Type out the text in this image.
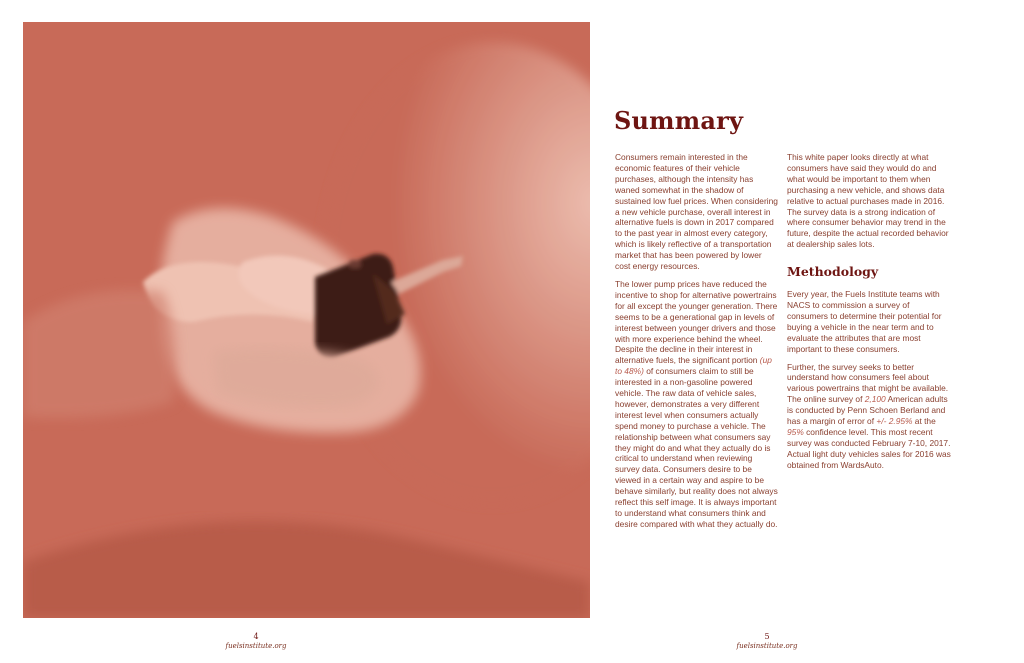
Summary

Consumers remain interested in the economic features of their vehicle purchases, although the intensity has waned somewhat in the shadow of sustained low fuel prices. When considering a new vehicle purchase, overall interest in alternative fuels is down in 2017 compared to the past year in almost every category, which is likely reflective of a transportation market that has been powered by lower cost energy resources.

The lower pump prices have reduced the incentive to shop for alternative powertrains for all except the younger generation. There seems to be a generational gap in levels of interest between younger drivers and those with more experience behind the wheel. Despite the decline in their interest in alternative fuels, the significant portion (up to 48%) of consumers claim to still be interested in a non-gasoline powered vehicle. The raw data of vehicle sales, however, demonstrates a very different interest level when consumers actually spend money to purchase a vehicle. The relationship between what consumers say they might do and what they actually do is critical to understand when reviewing survey data. Consumers desire to be viewed in a certain way and aspire to be behave similarly, but reality does not always reflect this self image. It is always important to understand what consumers think and desire compared with what they actually do.

This white paper looks directly at what consumers have said they would do and what would be important to them when purchasing a new vehicle, and shows data relative to actual purchases made in 2016. The survey data is a strong indication of where consumer behavior may trend in the future, despite the actual recorded behavior at dealership sales lots.

Methodology

Every year, the Fuels Institute teams with NACS to commission a survey of consumers to determine their potential for buying a vehicle in the near term and to evaluate the attributes that are most important to these consumers.

Further, the survey seeks to better understand how consumers feel about various powertrains that might be available. The online survey of 2,100 American adults is conducted by Penn Schoen Berland and has a margin of error of +/- 2.95% at the 95% confidence level. This most recent survey was conducted February 7-10, 2017. Actual light duty vehicles sales for 2016 was obtained from WardsAuto.

4
fuelsinstitute.org
5
fuelsinstitute.org
